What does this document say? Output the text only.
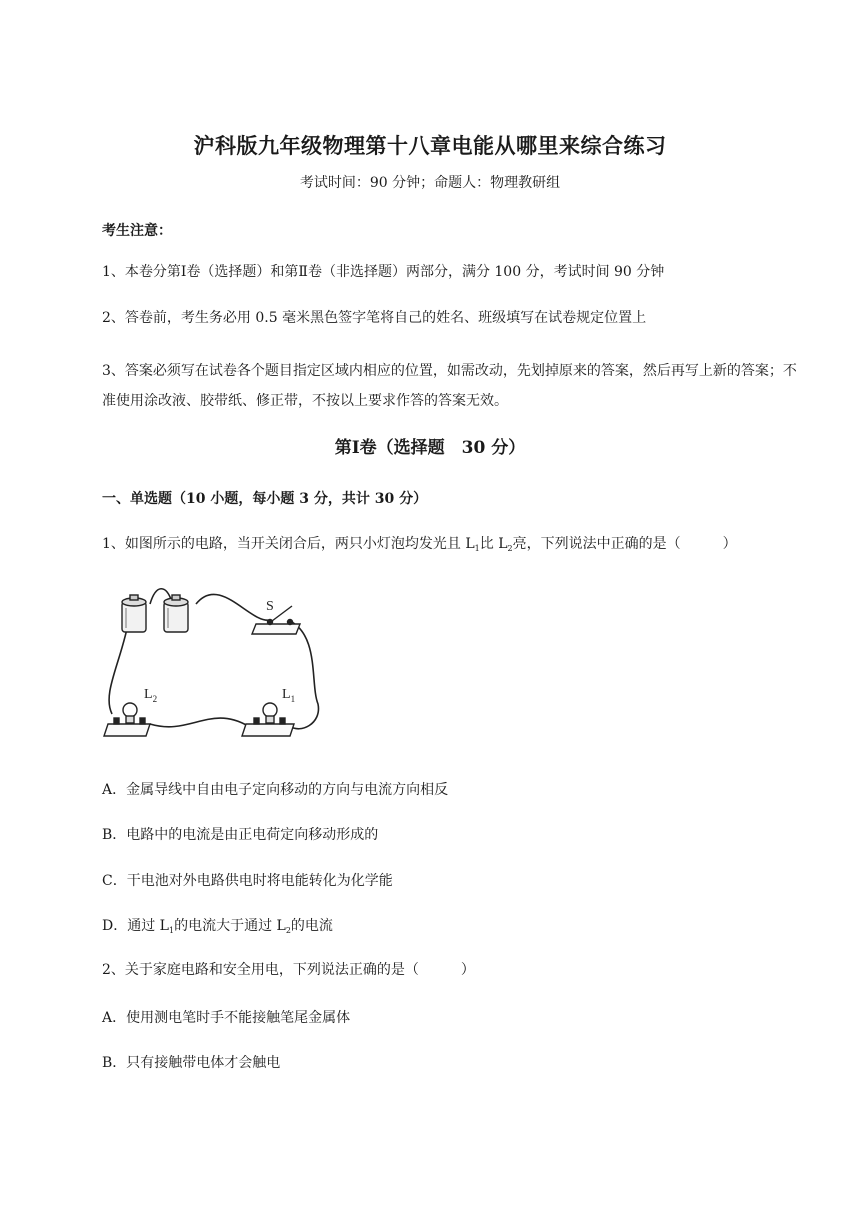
沪科版九年级物理第十八章电能从哪里来综合练习
考试时间：90 分钟；命题人：物理教研组
考生注意：
1、本卷分第Ⅰ卷（选择题）和第Ⅱ卷（非选择题）两部分，满分 100 分，考试时间 90 分钟
2、答卷前，考生务必用 0.5 毫米黑色签字笔将自己的姓名、班级填写在试卷规定位置上
3、答案必须写在试卷各个题目指定区域内相应的位置，如需改动，先划掉原来的答案，然后再写上新的答案；不准使用涂改液、胶带纸、修正带，不按以上要求作答的答案无效。
第Ⅰ卷（选择题　30 分）
一、单选题（10 小题，每小题 3 分，共计 30 分）
1、如图所示的电路，当开关闭合后，两只小灯泡均发光且 $L_1$比 $L_2$亮，下列说法中正确的是（	）
S
$L_2$	$L_1$
A．金属导线中自由电子定向移动的方向与电流方向相反
B．电路中的电流是由正电荷定向移动形成的
C．干电池对外电路供电时将电能转化为化学能
D．通过 $L_1$的电流大于通过 $L_2$的电流
2、关于家庭电路和安全用电，下列说法正确的是（	）
A．使用测电笔时手不能接触笔尾金属体
B．只有接触带电体才会触电
